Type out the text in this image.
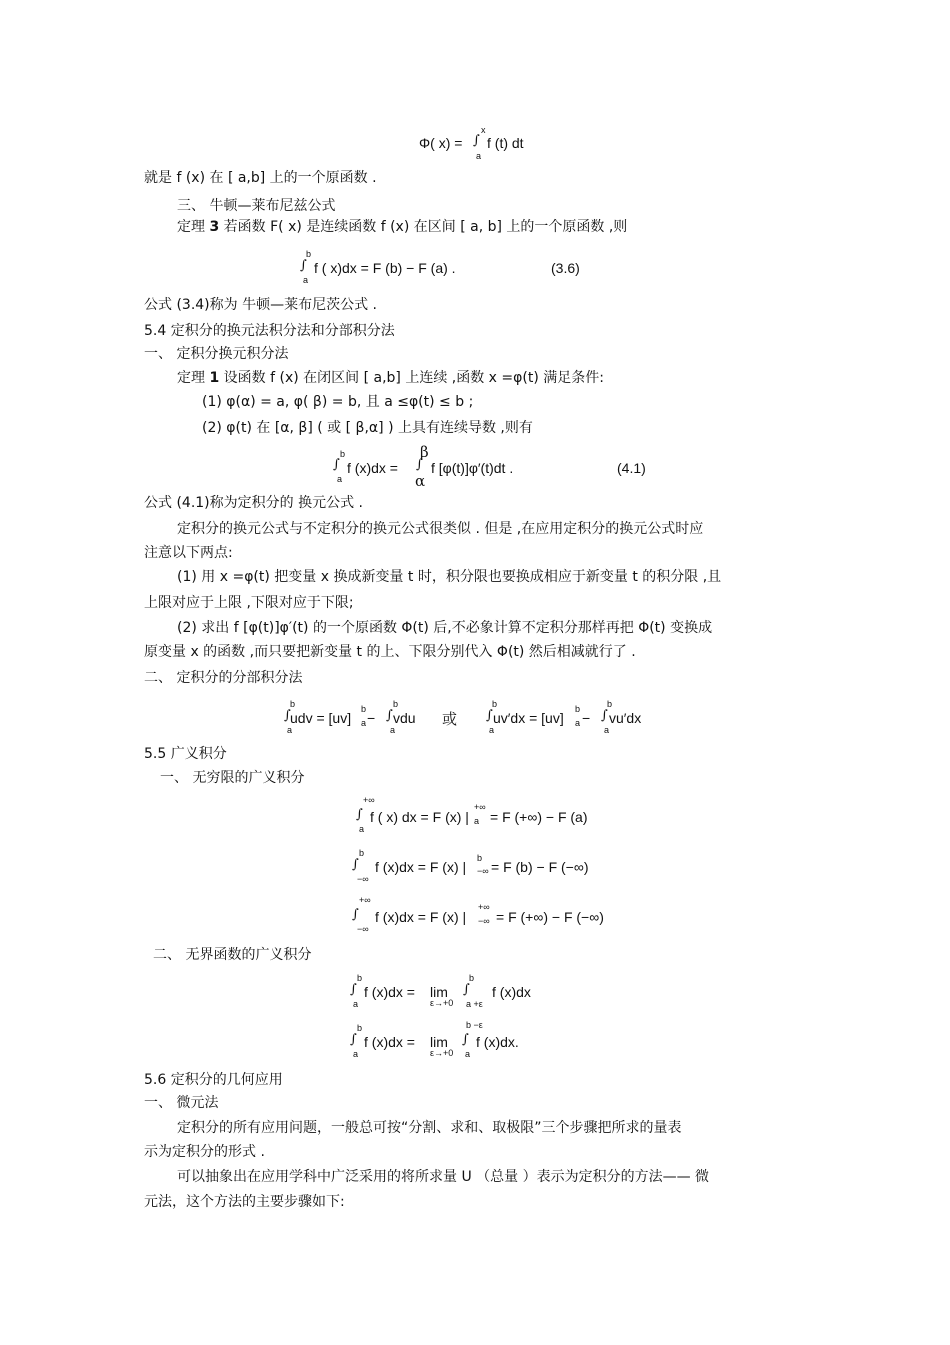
Φ( x) = ∫
x
a
f (t) dt
就是 f (x) 在 [ a,b] 上的一个原函数 .
三、 牛顿—莱布尼兹公式
定理 3 若函数 F( x) 是连续函数 f (x) 在区间 [ a, b] 上的一个原函数 ,则
∫
b
a
f ( x)dx = F (b) − F (a) .	(3.6)
公式 (3.4)称为 牛顿—莱布尼茨公式 .
5.4 定积分的换元法积分法和分部积分法
一、 定积分换元积分法
定理 1 设函数 f (x) 在闭区间 [ a,b] 上连续 ,函数 x =φ(t) 满足条件:
(1) φ(α) = a, φ( β) = b, 且 a ≤φ(t) ≤ b ;
(2) φ(t) 在 [α, β] ( 或 [ β,α] ) 上具有连续导数 ,则有
∫
b
a
f (x)dx = ∫
β
α
f [φ(t)]φ′(t)dt .	(4.1)
公式 (4.1)称为定积分的 换元公式 .
定积分的换元公式与不定积分的换元公式很类似 . 但是 ,在应用定积分的换元公式时应
注意以下两点:
(1) 用 x =φ(t) 把变量 x 换成新变量 t 时，积分限也要换成相应于新变量 t 的积分限 ,且
上限对应于上限 ,下限对应于下限;
(2) 求出 f [φ(t)]φ′(t) 的一个原函数 Φ(t) 后,不必象计算不定积分那样再把 Φ(t) 变换成
原变量 x 的函数 ,而只要把新变量 t 的上、下限分别代入 Φ(t) 然后相减就行了 .
二、 定积分的分部积分法
∫
b
a
udv = [uv]
b
a − ∫
b
a
vdu 或 ∫
b
a
uv′dx = [uv]
b
a − ∫
b
a
vu′dx
5.5 广义积分
一、 无穷限的广义积分
∫
+∞
a
f ( x) dx = F (x) |
+∞
a = F (+∞) − F (a)
∫
b
−∞
f (x)dx = F (x) |
b
−∞ = F (b) − F (−∞)
∫
+∞
−∞
f (x)dx = F (x) |
+∞
−∞ = F (+∞) − F (−∞)
二、 无界函数的广义积分
∫
b
a
f (x)dx = lim
ε→+0
∫
b
a +ε
f (x)dx
∫
b
a
f (x)dx = lim
ε→+0
∫
b −ε
a
f (x)dx.
5.6 定积分的几何应用
一、 微元法
定积分的所有应用问题，一般总可按“分割、求和、取极限”三个步骤把所求的量表
示为定积分的形式 .
可以抽象出在应用学科中广泛采用的将所求量 U （总量 ）表示为定积分的方法—— 微
元法，这个方法的主要步骤如下:
